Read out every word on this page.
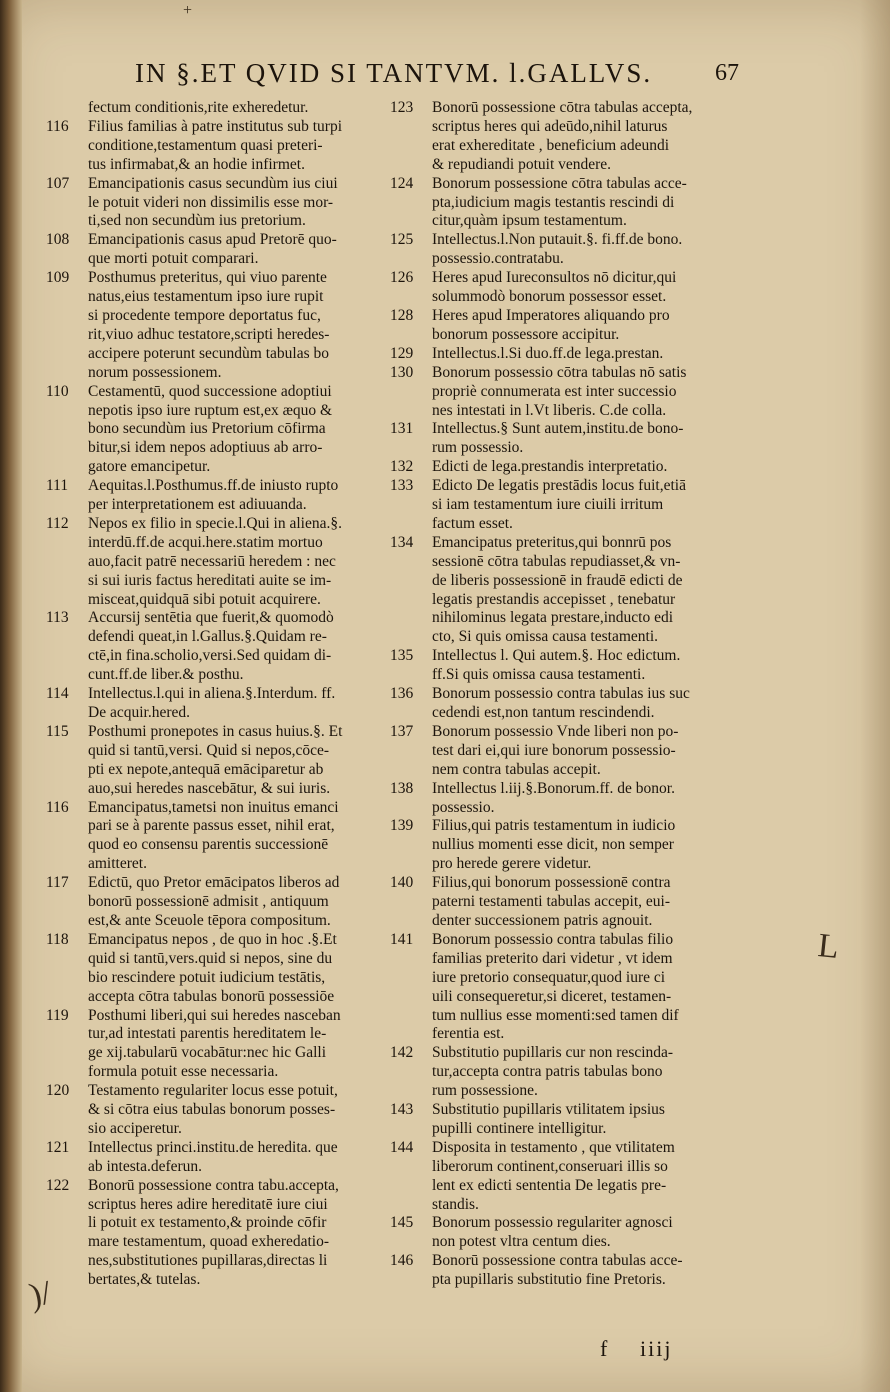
IN §.ET QVID SI TANTVM. l.GALLVS.	67
fectum conditionis,rite exheredetur.
116	Filius familias à patre institutus sub turpi
conditione,testamentum quasi preteri-
tus infirmabat,& an hodie infirmet.
107	Emancipationis casus secundùm ius ciui
le potuit videri non dissimilis esse mor-
ti,sed non secundùm ius pretorium.
108	Emancipationis casus apud Pretorē quo-
que morti potuit comparari.
109	Posthumus preteritus, qui viuo parente
natus,eius testamentum ipso iure rupit
si procedente tempore deportatus fuc,
rit,viuo adhuc testatore,scripti heredes-
accipere poterunt secundùm tabulas bo
norum possessionem.
110	Cestamentū, quod successione adoptiui
nepotis ipso iure ruptum est,ex æquo &
bono secundùm ius Pretorium cōfirma
bitur,si idem nepos adoptiuus ab arro-
gatore emancipetur.
111	Aequitas.l.Posthumus.ff.de iniusto rupto
per interpretationem est adiuuanda.
112	Nepos ex filio in specie.l.Qui in aliena.§.
interdū.ff.de acqui.here.statim mortuo
auo,facit patrē necessariū heredem : nec
si sui iuris factus hereditati auite se im-
misceat,quidquā sibi potuit acquirere.
113	Accursij sentētia que fuerit,& quomodò
defendi queat,in l.Gallus.§.Quidam re-
ctē,in fina.scholio,versi.Sed quidam di-
cunt.ff.de liber.& posthu.
114	Intellectus.l.qui in aliena.§.Interdum. ff.
De acquir.hered.
115	Posthumi pronepotes in casus huius.§. Et
quid si tantū,versi. Quid si nepos,cōce-
pti ex nepote,antequā emāciparetur ab
auo,sui heredes nascebātur, & sui iuris.
116	Emancipatus,tametsi non inuitus emanci
pari se à parente passus esset, nihil erat,
quod eo consensu parentis successionē
amitteret.
117	Edictū, quo Pretor emācipatos liberos ad
bonorū possessionē admisit , antiquum
est,& ante Sceuole tēpora compositum.
118	Emancipatus nepos , de quo in hoc .§.Et
quid si tantū,vers.quid si nepos, sine du
bio rescindere potuit iudicium testātis,
accepta cōtra tabulas bonorū possessiōe
119	Posthumi liberi,qui sui heredes nasceban
tur,ad intestati parentis hereditatem le-
ge xij.tabularū vocabātur:nec hic Galli
formula potuit esse necessaria.
120	Testamento regulariter locus esse potuit,
& si cōtra eius tabulas bonorum posses-
sio acciperetur.
121	Intellectus princi.institu.de heredita. que
ab intesta.deferun.
122	Bonorū possessione contra tabu.accepta,
scriptus heres adire hereditatē iure ciui
li potuit ex testamento,& proinde cōfir
mare testamentum, quoad exheredatio-
nes,substitutiones pupillaras,directas li
bertates,& tutelas.
123	Bonorū possessione cōtra tabulas accepta,
scriptus heres qui adeūdo,nihil laturus
erat exhereditate , beneficium adeundi
& repudiandi potuit vendere.
124	Bonorum possessione cōtra tabulas acce-
pta,iudicium magis testantis rescindi di
citur,quàm ipsum testamentum.
125	Intellectus.l.Non putauit.§. fi.ff.de bono.
possessio.contratabu.
126	Heres apud Iureconsultos nō dicitur,qui
solummodò bonorum possessor esset.
128	Heres apud Imperatores aliquando pro
bonorum possessore accipitur.
129	Intellectus.l.Si duo.ff.de lega.prestan.
130	Bonorum possessio cōtra tabulas nō satis
propriè connumerata est inter successio
nes intestati in l.Vt liberis. C.de colla.
131	Intellectus.§ Sunt autem,institu.de bono-
rum possessio.
132	Edicti de lega.prestandis interpretatio.
133	Edicto De legatis prestādis locus fuit,etiā
si iam testamentum iure ciuili irritum
factum esset.
134	Emancipatus preteritus,qui bonnrū pos
sessionē cōtra tabulas repudiasset,& vn-
de liberis possessionē in fraudē edicti de
legatis prestandis accepisset , tenebatur
nihilominus legata prestare,inducto edi
cto, Si quis omissa causa testamenti.
135	Intellectus l. Qui autem.§. Hoc edictum.
ff.Si quis omissa causa testamenti.
136	Bonorum possessio contra tabulas ius suc
cedendi est,non tantum rescindendi.
137	Bonorum possessio Vnde liberi non po-
test dari ei,qui iure bonorum possessio-
nem contra tabulas accepit.
138	Intellectus l.iij.§.Bonorum.ff. de bonor.
possessio.
139	Filius,qui patris testamentum in iudicio
nullius momenti esse dicit, non semper
pro herede gerere videtur.
140	Filius,qui bonorum possessionē contra
paterni testamenti tabulas accepit, eui-
denter successionem patris agnouit.
141	Bonorum possessio contra tabulas filio
familias preterito dari videtur , vt idem
iure pretorio consequatur,quod iure ci
uili consequeretur,si diceret, testamen-
tum nullius esse momenti:sed tamen dif
ferentia est.
142	Substitutio pupillaris cur non rescinda-
tur,accepta contra patris tabulas bono
rum possessione.
143	Substitutio pupillaris vtilitatem ipsius
pupilli continere intelligitur.
144	Disposita in testamento , que vtilitatem
liberorum continent,conseruari illis so
lent ex edicti sententia De legatis pre-
standis.
145	Bonorum possessio regulariter agnosci
non potest vltra centum dies.
146	Bonorū possessione contra tabulas acce-
pta pupillaris substitutio fine Pretoris.
f iiij
+
L
)/
